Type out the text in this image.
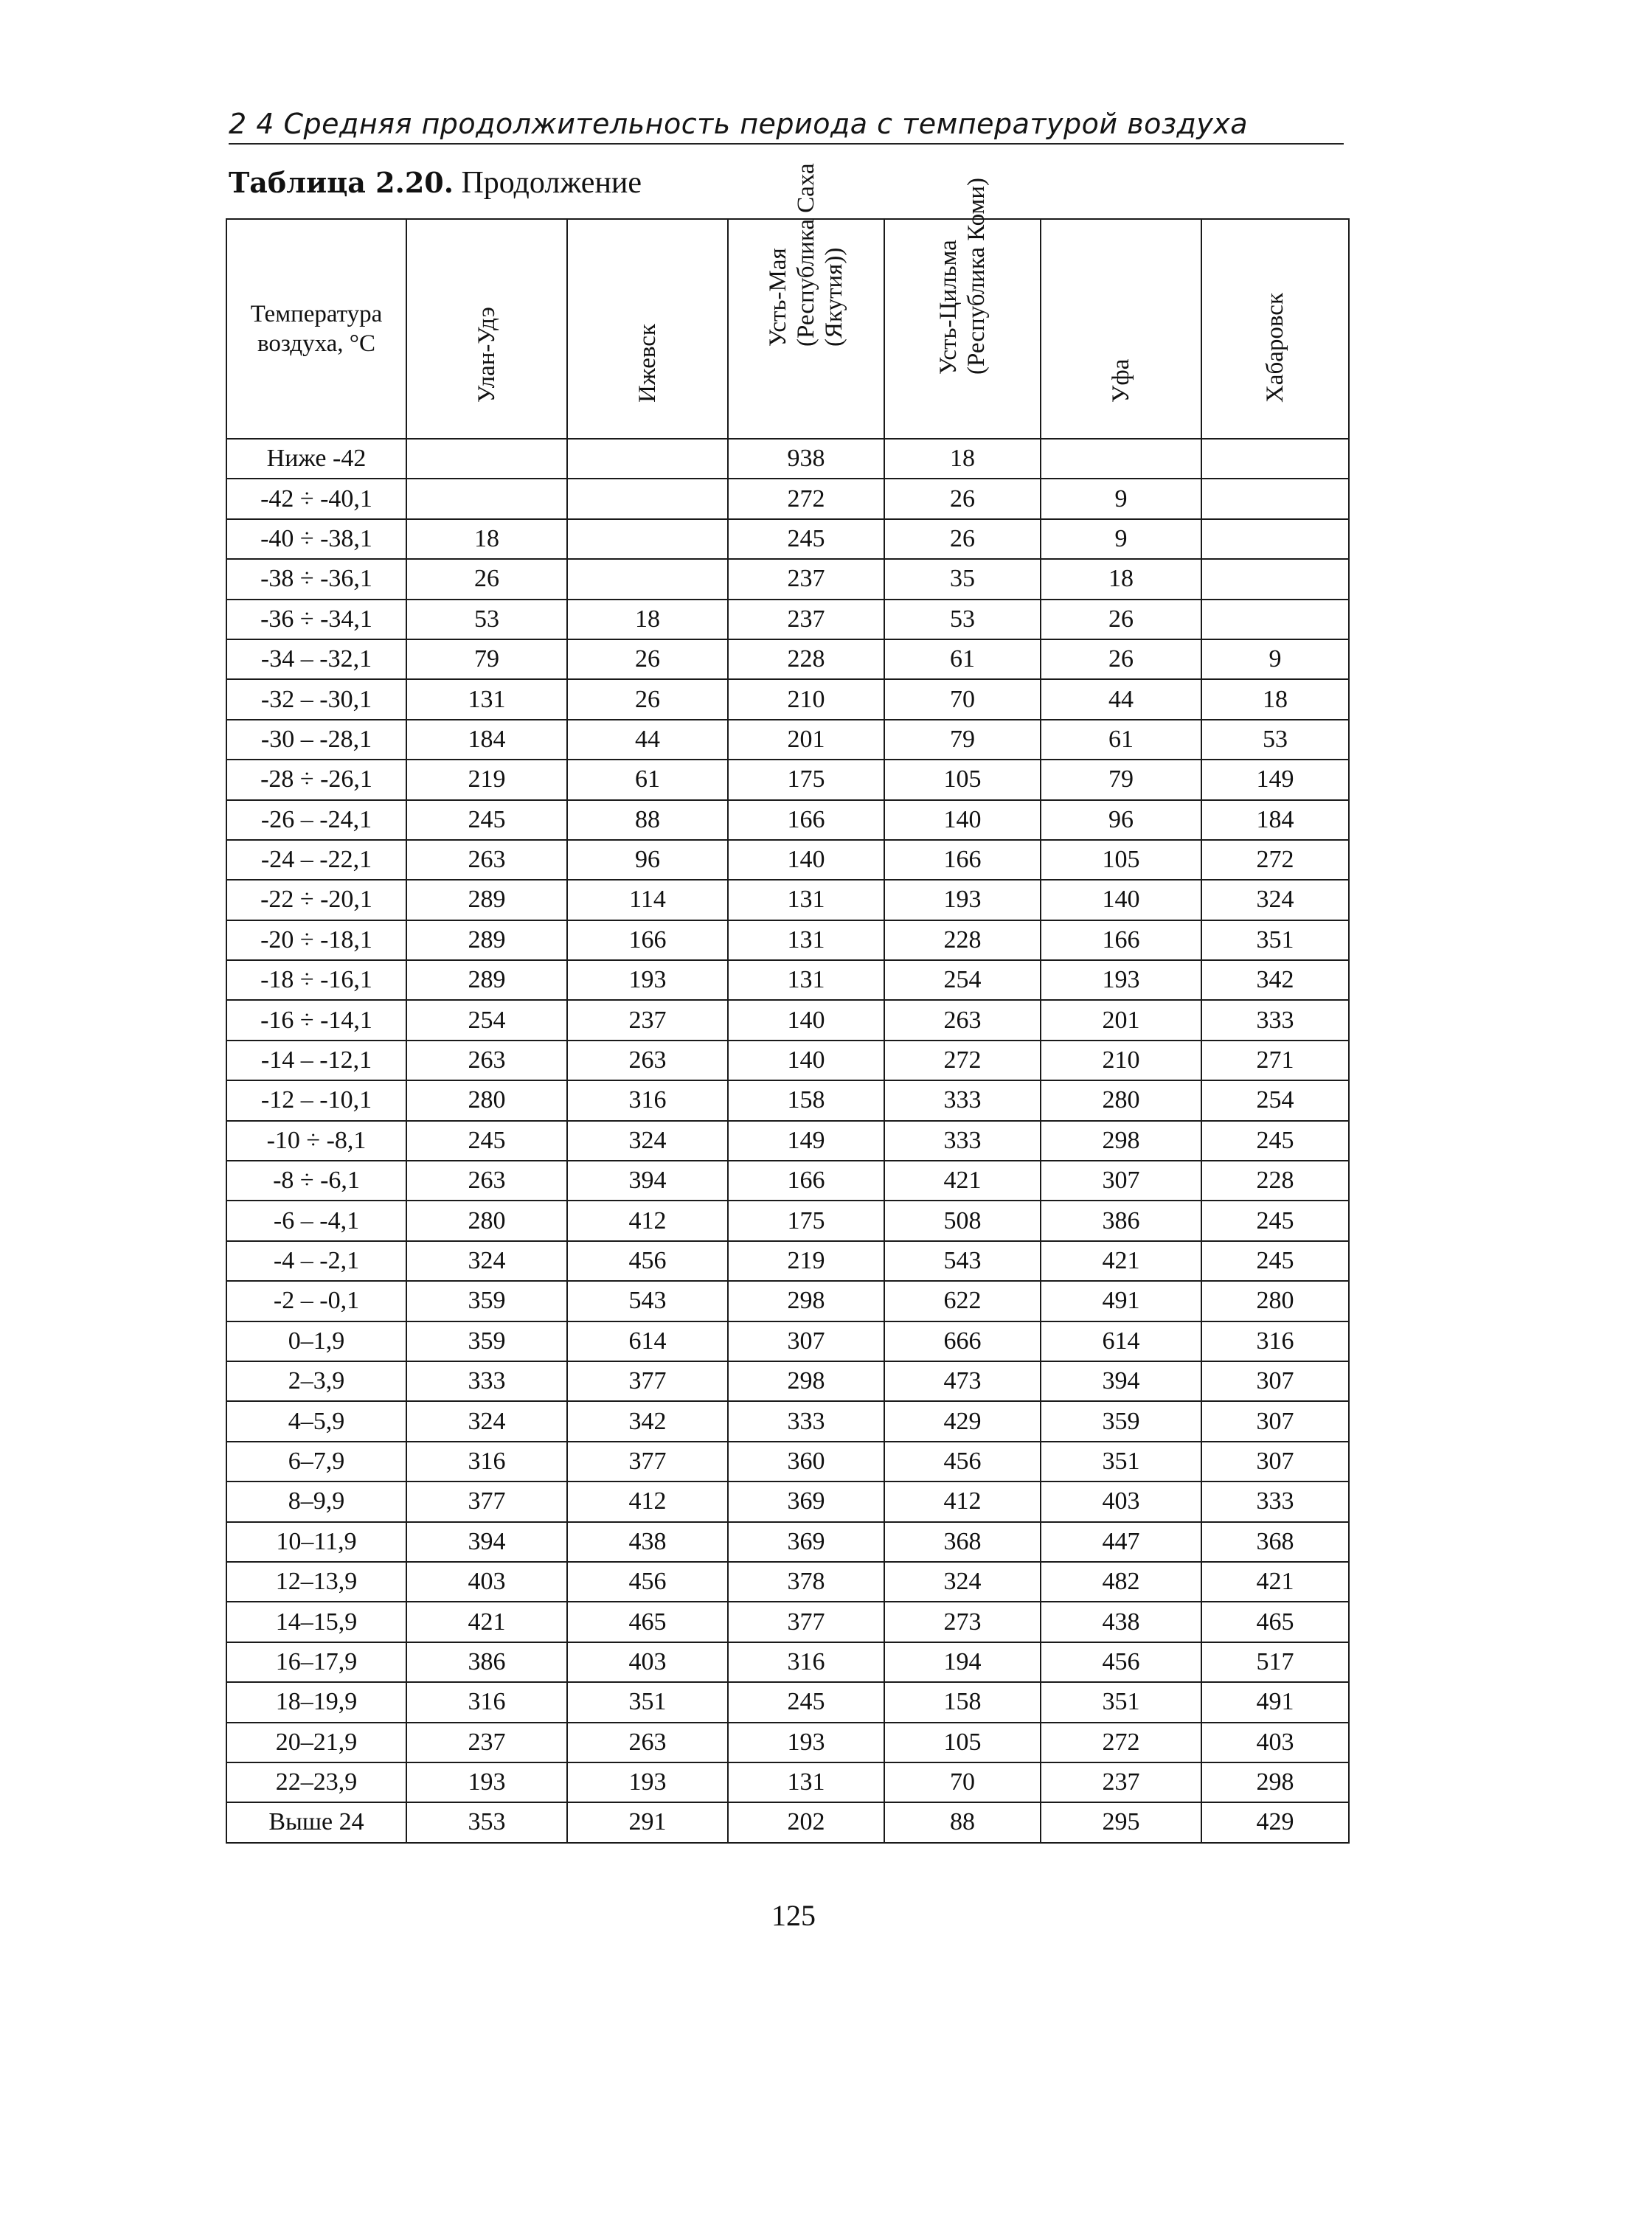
2 4 Средняя продолжительность периода с температурой воздуха
Таблица 2.20. Продолжение
Температура воздуха, °С	Улан-Удэ	Ижевск	Усть-Мая (Республика Саха (Якутия))	Усть-Цильма (Республика Коми)	Уфа	Хабаровск

Ниже -42			938	18		
-42 ÷ -40,1			272	26	9	
-40 ÷ -38,1	18		245	26	9	
-38 ÷ -36,1	26		237	35	18	
-36 ÷ -34,1	53	18	237	53	26	
-34 – -32,1	79	26	228	61	26	9
-32 – -30,1	131	26	210	70	44	18
-30 – -28,1	184	44	201	79	61	53
-28 ÷ -26,1	219	61	175	105	79	149
-26 – -24,1	245	88	166	140	96	184
-24 – -22,1	263	96	140	166	105	272
-22 ÷ -20,1	289	114	131	193	140	324
-20 ÷ -18,1	289	166	131	228	166	351
-18 ÷ -16,1	289	193	131	254	193	342
-16 ÷ -14,1	254	237	140	263	201	333
-14 – -12,1	263	263	140	272	210	271
-12 – -10,1	280	316	158	333	280	254
-10 ÷ -8,1	245	324	149	333	298	245
-8 ÷ -6,1	263	394	166	421	307	228
-6 – -4,1	280	412	175	508	386	245
-4 – -2,1	324	456	219	543	421	245
-2 – -0,1	359	543	298	622	491	280
0–1,9	359	614	307	666	614	316
2–3,9	333	377	298	473	394	307
4–5,9	324	342	333	429	359	307
6–7,9	316	377	360	456	351	307
8–9,9	377	412	369	412	403	333
10–11,9	394	438	369	368	447	368
12–13,9	403	456	378	324	482	421
14–15,9	421	465	377	273	438	465
16–17,9	386	403	316	194	456	517
18–19,9	316	351	245	158	351	491
20–21,9	237	263	193	105	272	403
22–23,9	193	193	131	70	237	298
Выше 24	353	291	202	88	295	429
125
